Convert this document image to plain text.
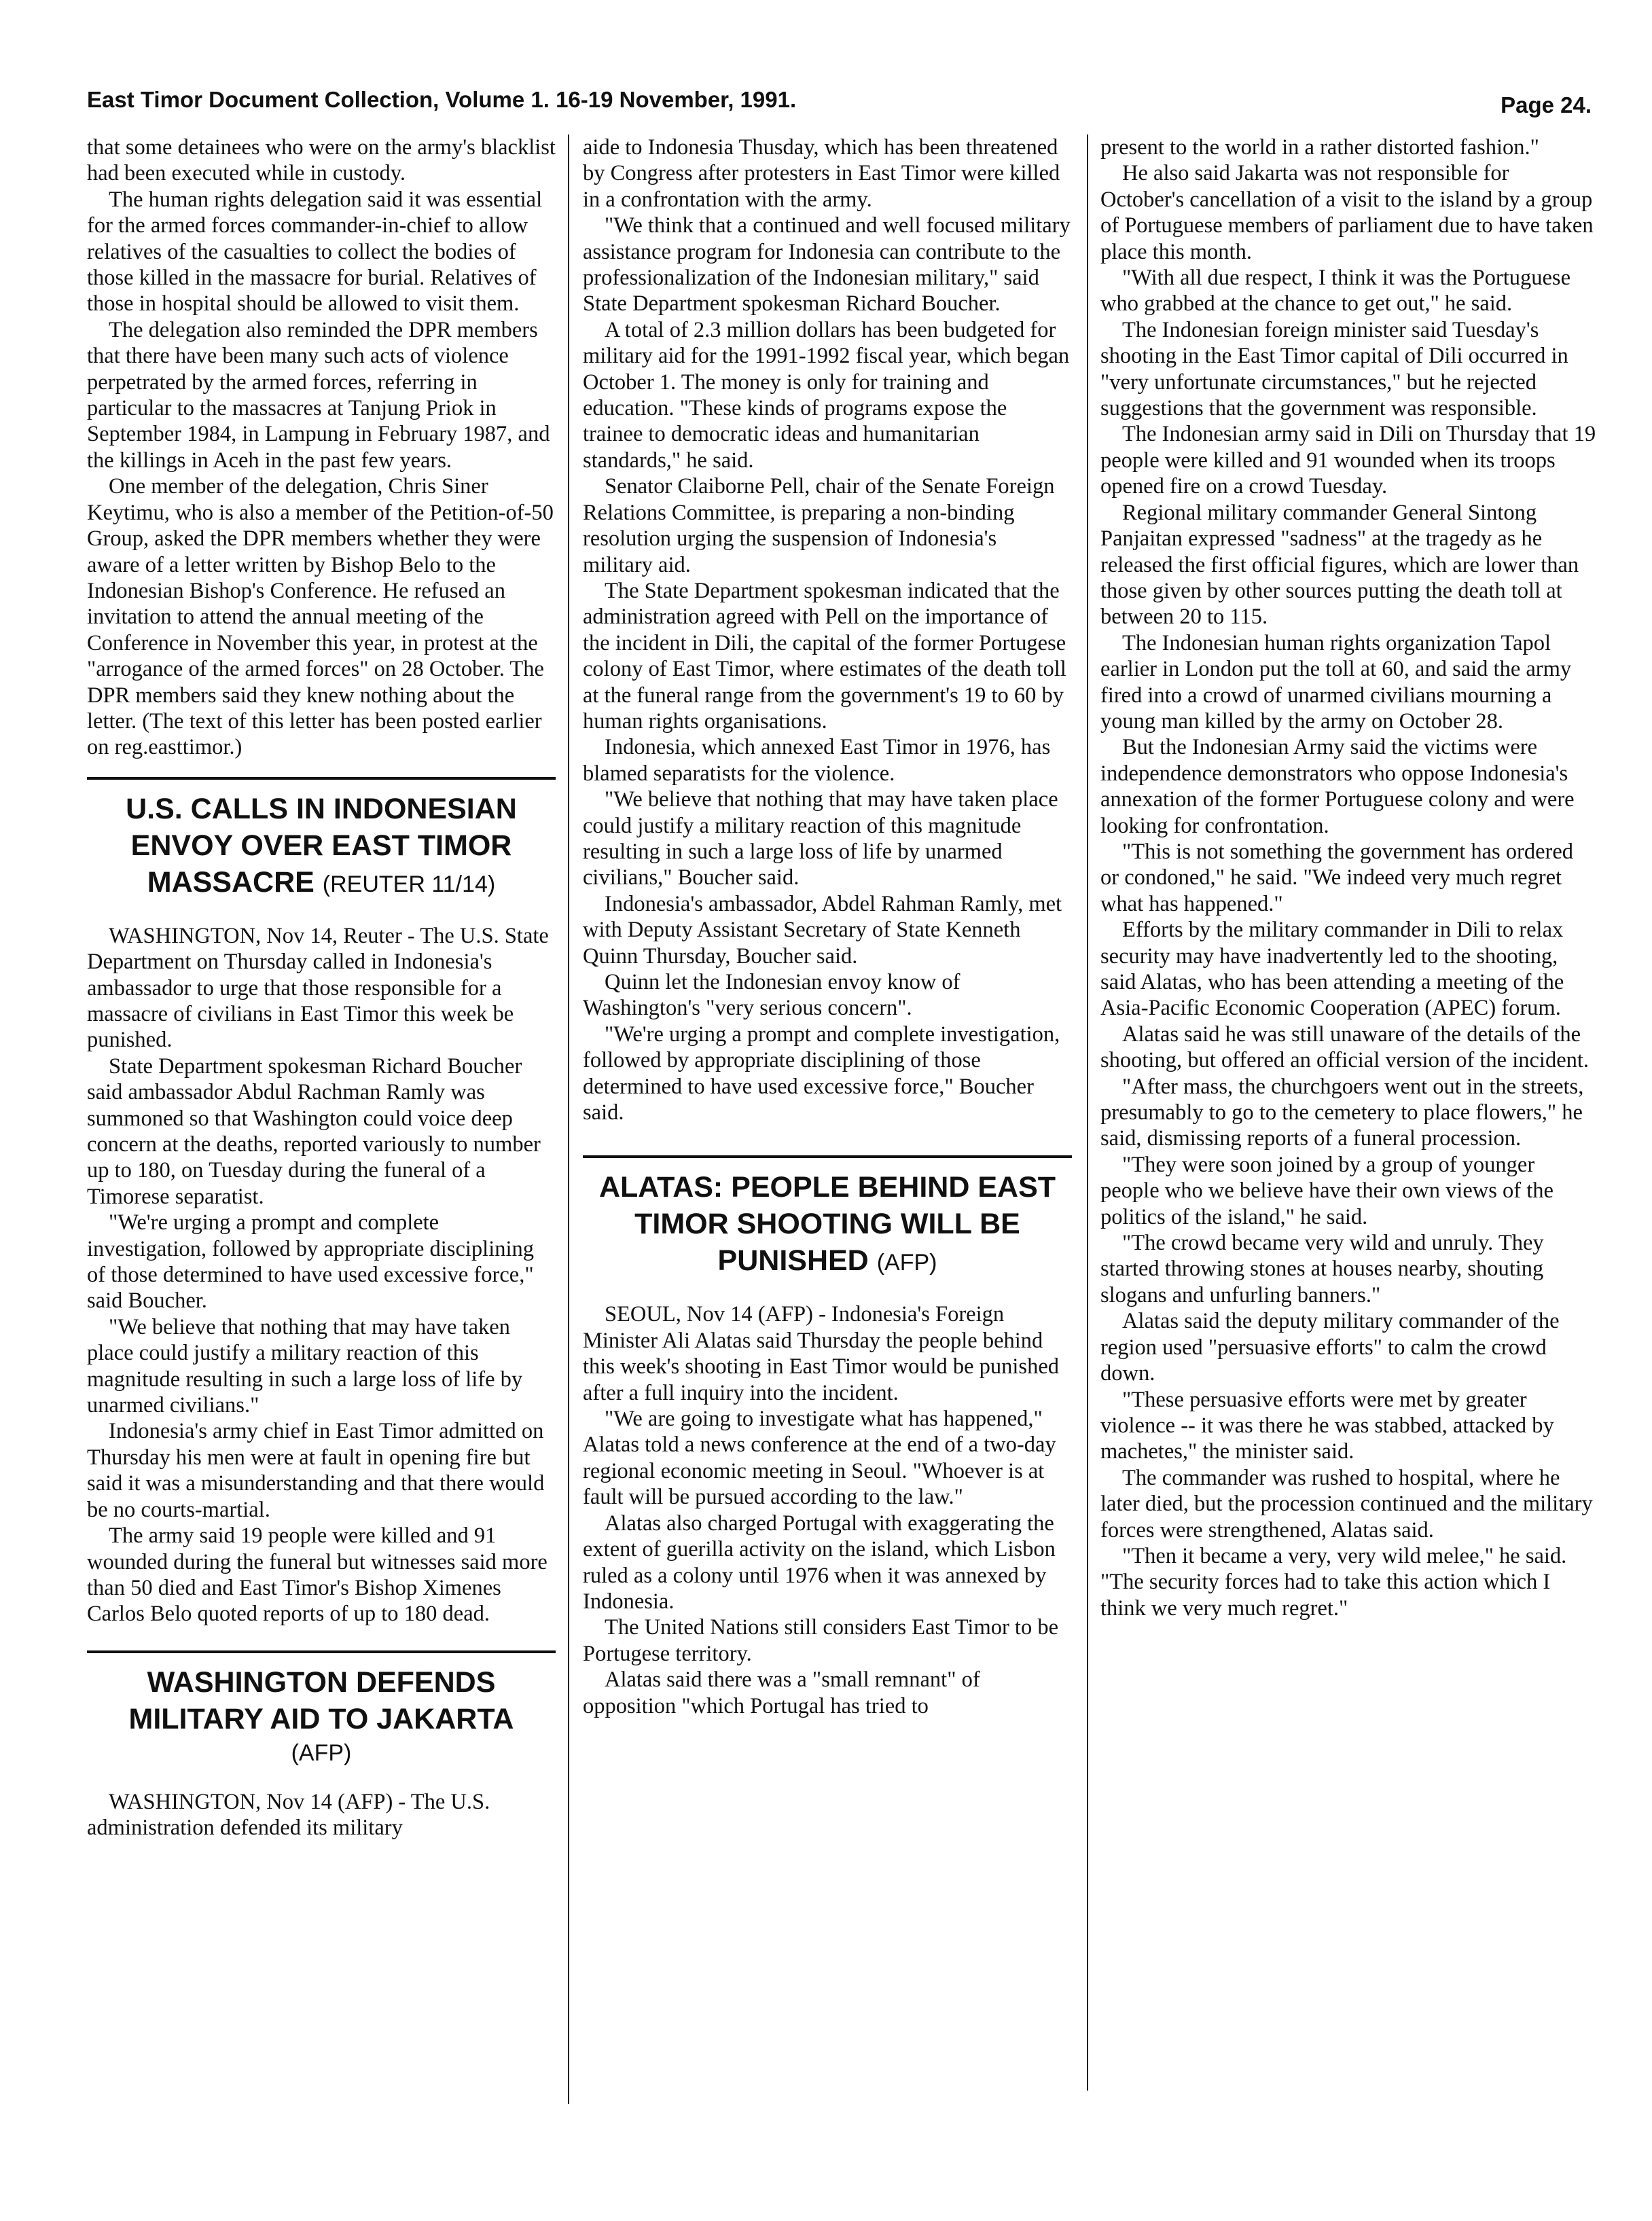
East Timor Document Collection, Volume 1. 16-19 November, 1991.	Page 24.

that some detainees who were on the army's blacklist had been executed while in custody.

The human rights delegation said it was essential for the armed forces commander-in-chief to allow relatives of the casualties to collect the bodies of those killed in the massacre for burial. Relatives of those in hospital should be allowed to visit them.

The delegation also reminded the DPR members that there have been many such acts of violence perpetrated by the armed forces, referring in particular to the massacres at Tanjung Priok in September 1984, in Lampung in February 1987, and the killings in Aceh in the past few years.

One member of the delegation, Chris Siner Keytimu, who is also a member of the Petition-of-50 Group, asked the DPR members whether they were aware of a letter written by Bishop Belo to the Indonesian Bishop's Conference. He refused an invitation to attend the annual meeting of the Conference in November this year, in protest at the "arrogance of the armed forces" on 28 October. The DPR members said they knew nothing about the letter. (The text of this letter has been posted earlier on reg.easttimor.)

U.S. CALLS IN INDONESIAN ENVOY OVER EAST TIMOR MASSACRE (REUTER 11/14)

WASHINGTON, Nov 14, Reuter - The U.S. State Department on Thursday called in Indonesia's ambassador to urge that those responsible for a massacre of civilians in East Timor this week be punished.

State Department spokesman Richard Boucher said ambassador Abdul Rachman Ramly was summoned so that Washington could voice deep concern at the deaths, reported variously to number up to 180, on Tuesday during the funeral of a Timorese separatist.

"We're urging a prompt and complete investigation, followed by appropriate disciplining of those determined to have used excessive force," said Boucher.

"We believe that nothing that may have taken place could justify a military reaction of this magnitude resulting in such a large loss of life by unarmed civilians."

Indonesia's army chief in East Timor admitted on Thursday his men were at fault in opening fire but said it was a misunderstanding and that there would be no courts-martial.

The army said 19 people were killed and 91 wounded during the funeral but witnesses said more than 50 died and East Timor's Bishop Ximenes Carlos Belo quoted reports of up to 180 dead.

WASHINGTON DEFENDS MILITARY AID TO JAKARTA
(AFP)

WASHINGTON, Nov 14 (AFP) - The U.S. administration defended its military

aide to Indonesia Thusday, which has been threatened by Congress after protesters in East Timor were killed in a confrontation with the army.

"We think that a continued and well focused military assistance program for Indonesia can contribute to the professionalization of the Indonesian military," said State Department spokesman Richard Boucher.

A total of 2.3 million dollars has been budgeted for military aid for the 1991-1992 fiscal year, which began October 1. The money is only for training and education. "These kinds of programs expose the trainee to democratic ideas and humanitarian standards," he said.

Senator Claiborne Pell, chair of the Senate Foreign Relations Committee, is preparing a non-binding resolution urging the suspension of Indonesia's military aid.

The State Department spokesman indicated that the administration agreed with Pell on the importance of the incident in Dili, the capital of the former Portugese colony of East Timor, where estimates of the death toll at the funeral range from the government's 19 to 60 by human rights organisations.

Indonesia, which annexed East Timor in 1976, has blamed separatists for the violence.

"We believe that nothing that may have taken place could justify a military reaction of this magnitude resulting in such a large loss of life by unarmed civilians," Boucher said.

Indonesia's ambassador, Abdel Rahman Ramly, met with Deputy Assistant Secretary of State Kenneth Quinn Thursday, Boucher said.

Quinn let the Indonesian envoy know of Washington's "very serious concern".

"We're urging a prompt and complete investigation, followed by appropriate disciplining of those determined to have used excessive force," Boucher said.

ALATAS: PEOPLE BEHIND EAST TIMOR SHOOTING WILL BE PUNISHED (AFP)

SEOUL, Nov 14 (AFP) - Indonesia's Foreign Minister Ali Alatas said Thursday the people behind this week's shooting in East Timor would be punished after a full inquiry into the incident.

"We are going to investigate what has happened," Alatas told a news conference at the end of a two-day regional economic meeting in Seoul. "Whoever is at fault will be pursued according to the law."

Alatas also charged Portugal with exaggerating the extent of guerilla activity on the island, which Lisbon ruled as a colony until 1976 when it was annexed by Indonesia.

The United Nations still considers East Timor to be Portugese territory.

Alatas said there was a "small remnant" of opposition "which Portugal has tried to

present to the world in a rather distorted fashion."

He also said Jakarta was not responsible for October's cancellation of a visit to the island by a group of Portuguese members of parliament due to have taken place this month.

"With all due respect, I think it was the Portuguese who grabbed at the chance to get out," he said.

The Indonesian foreign minister said Tuesday's shooting in the East Timor capital of Dili occurred in "very unfortunate circumstances," but he rejected suggestions that the government was responsible.

The Indonesian army said in Dili on Thursday that 19 people were killed and 91 wounded when its troops opened fire on a crowd Tuesday.

Regional military commander General Sintong Panjaitan expressed "sadness" at the tragedy as he released the first official figures, which are lower than those given by other sources putting the death toll at between 20 to 115.

The Indonesian human rights organization Tapol earlier in London put the toll at 60, and said the army fired into a crowd of unarmed civilians mourning a young man killed by the army on October 28.

But the Indonesian Army said the victims were independence demonstrators who oppose Indonesia's annexation of the former Portuguese colony and were looking for confrontation.

"This is not something the government has ordered or condoned," he said. "We indeed very much regret what has happened."

Efforts by the military commander in Dili to relax security may have inadvertently led to the shooting, said Alatas, who has been attending a meeting of the Asia-Pacific Economic Cooperation (APEC) forum.

Alatas said he was still unaware of the details of the shooting, but offered an official version of the incident.

"After mass, the churchgoers went out in the streets, presumably to go to the cemetery to place flowers," he said, dismissing reports of a funeral procession.

"They were soon joined by a group of younger people who we believe have their own views of the politics of the island," he said.

"The crowd became very wild and unruly. They started throwing stones at houses nearby, shouting slogans and unfurling banners."

Alatas said the deputy military commander of the region used "persuasive efforts" to calm the crowd down.

"These persuasive efforts were met by greater violence -- it was there he was stabbed, attacked by machetes," the minister said.

The commander was rushed to hospital, where he later died, but the procession continued and the military forces were strengthened, Alatas said.

"Then it became a very, very wild melee," he said. "The security forces had to take this action which I think we very much regret."
